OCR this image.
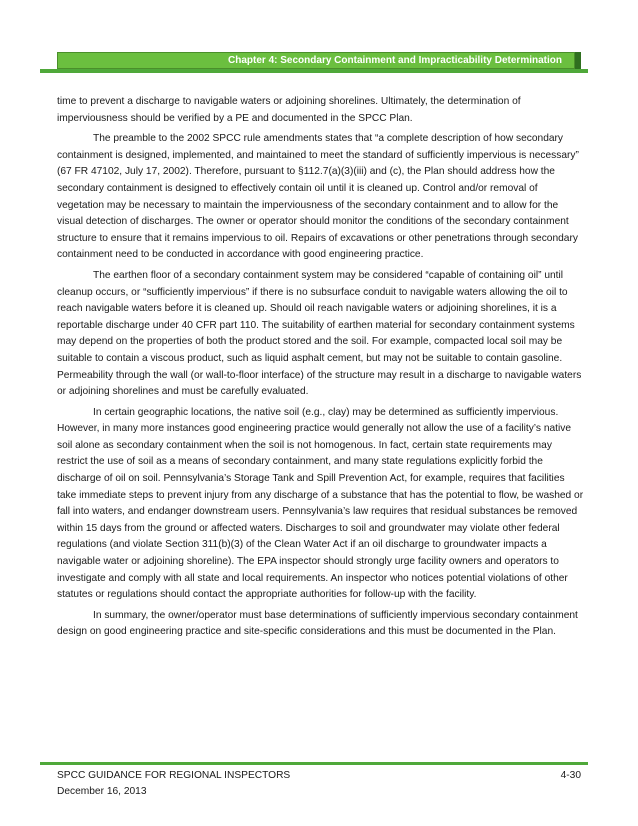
Chapter 4: Secondary Containment and Impracticability Determination

time to prevent a discharge to navigable waters or adjoining shorelines. Ultimately, the determination of imperviousness should be verified by a PE and documented in the SPCC Plan.

The preamble to the 2002 SPCC rule amendments states that “a complete description of how secondary containment is designed, implemented, and maintained to meet the standard of sufficiently impervious is necessary” (67 FR 47102, July 17, 2002). Therefore, pursuant to §112.7(a)(3)(iii) and (c), the Plan should address how the secondary containment is designed to effectively contain oil until it is cleaned up. Control and/or removal of vegetation may be necessary to maintain the imperviousness of the secondary containment and to allow for the visual detection of discharges. The owner or operator should monitor the conditions of the secondary containment structure to ensure that it remains impervious to oil. Repairs of excavations or other penetrations through secondary containment need to be conducted in accordance with good engineering practice.

The earthen floor of a secondary containment system may be considered “capable of containing oil” until cleanup occurs, or “sufficiently impervious” if there is no subsurface conduit to navigable waters allowing the oil to reach navigable waters before it is cleaned up. Should oil reach navigable waters or adjoining shorelines, it is a reportable discharge under 40 CFR part 110. The suitability of earthen material for secondary containment systems may depend on the properties of both the product stored and the soil. For example, compacted local soil may be suitable to contain a viscous product, such as liquid asphalt cement, but may not be suitable to contain gasoline. Permeability through the wall (or wall-to-floor interface) of the structure may result in a discharge to navigable waters or adjoining shorelines and must be carefully evaluated.

In certain geographic locations, the native soil (e.g., clay) may be determined as sufficiently impervious. However, in many more instances good engineering practice would generally not allow the use of a facility’s native soil alone as secondary containment when the soil is not homogenous. In fact, certain state requirements may restrict the use of soil as a means of secondary containment, and many state regulations explicitly forbid the discharge of oil on soil. Pennsylvania’s Storage Tank and Spill Prevention Act, for example, requires that facilities take immediate steps to prevent injury from any discharge of a substance that has the potential to flow, be washed or fall into waters, and endanger downstream users. Pennsylvania’s law requires that residual substances be removed within 15 days from the ground or affected waters. Discharges to soil and groundwater may violate other federal regulations (and violate Section 311(b)(3) of the Clean Water Act if an oil discharge to groundwater impacts a navigable water or adjoining shoreline). The EPA inspector should strongly urge facility owners and operators to investigate and comply with all state and local requirements. An inspector who notices potential violations of other statutes or regulations should contact the appropriate authorities for follow-up with the facility.

In summary, the owner/operator must base determinations of sufficiently impervious secondary containment design on good engineering practice and site-specific considerations and this must be documented in the Plan.

SPCC GUIDANCE FOR REGIONAL INSPECTORS
December 16, 2013
4-30
